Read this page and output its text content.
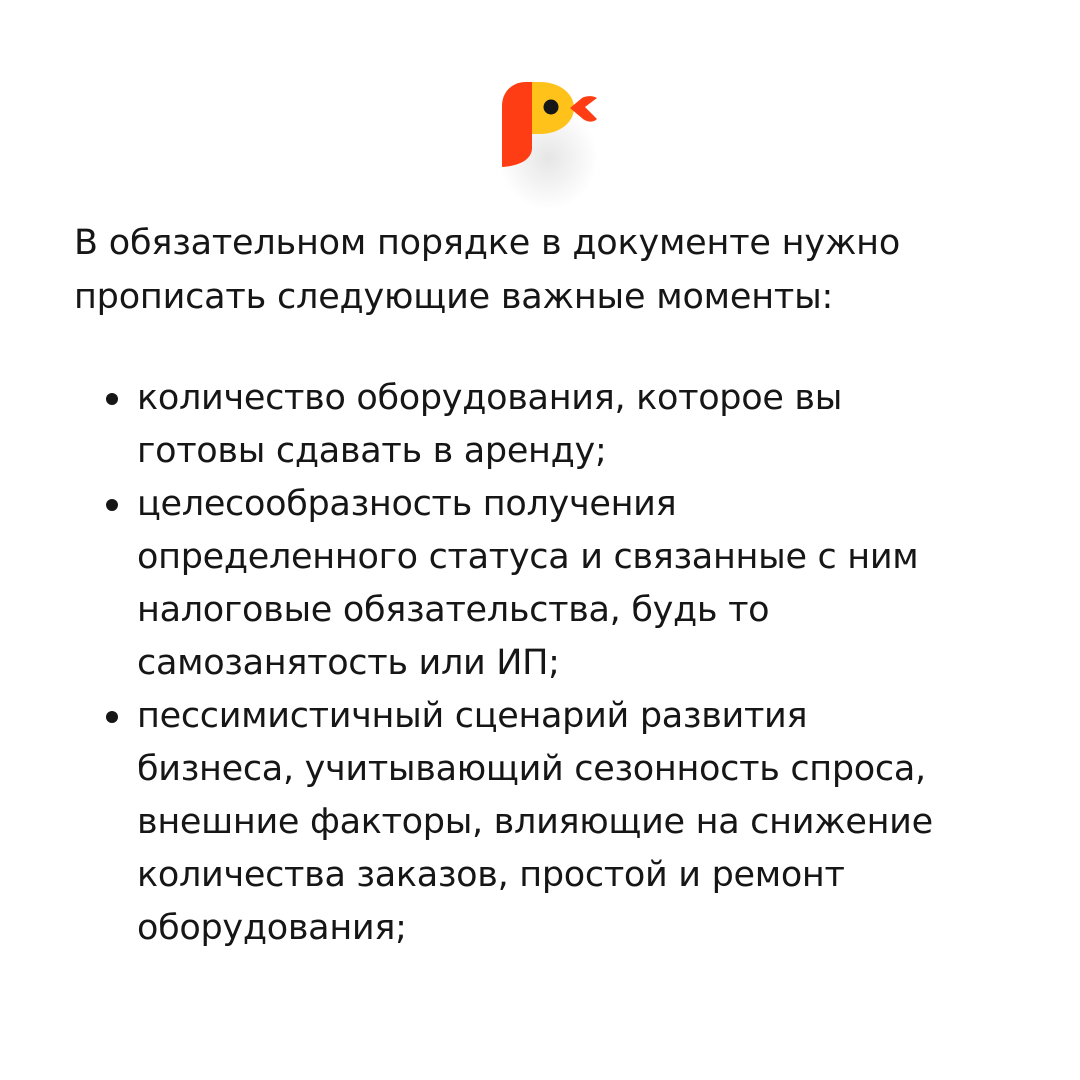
В обязательном порядке в документе нужно
прописать следующие важные моменты:

количество оборудования, которое вы
готовы сдавать в аренду;
целесообразность получения
определенного статуса и связанные с ним
налоговые обязательства, будь то
самозанятость или ИП;
пессимистичный сценарий развития
бизнеса, учитывающий сезонность спроса,
внешние факторы, влияющие на снижение
количества заказов, простой и ремонт
оборудования;
